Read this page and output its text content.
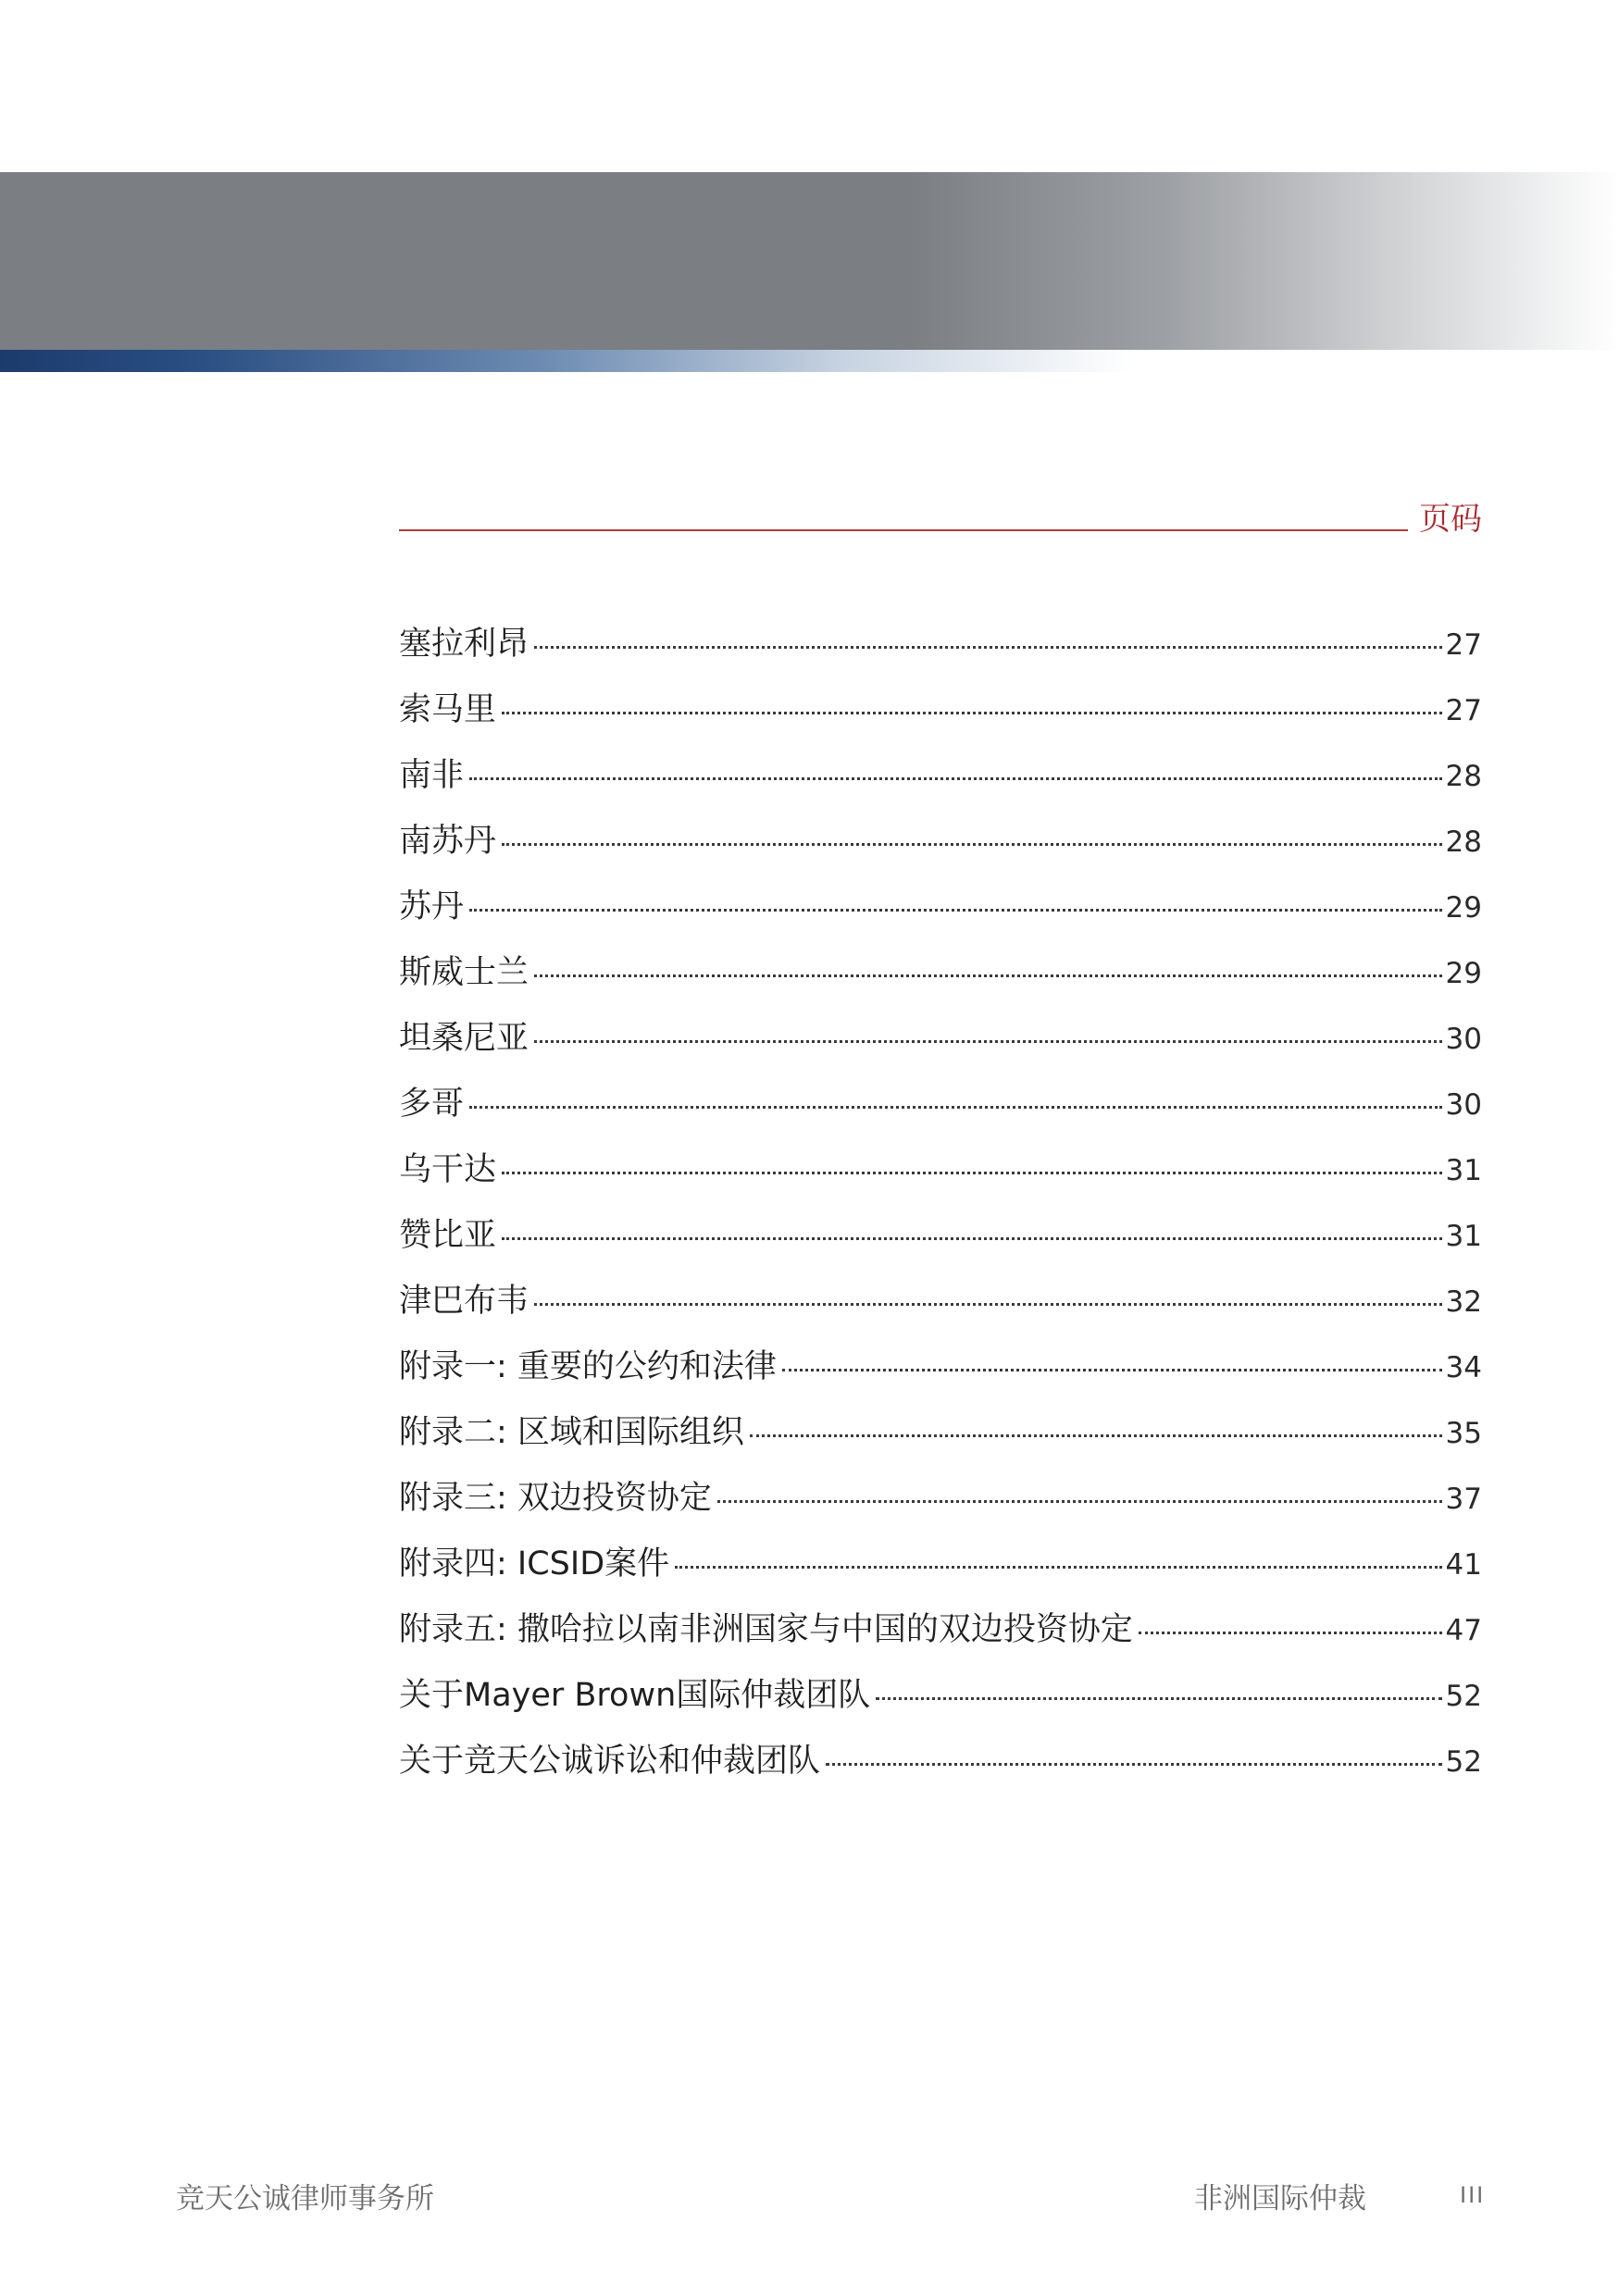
页码
塞拉利昂	27
索马里	27
南非	28
南苏丹	28
苏丹	29
斯威士兰	29
坦桑尼亚	30
多哥	30
乌干达	31
赞比亚	31
津巴布韦	32
附录一: 重要的公约和法律	34
附录二: 区域和国际组织	35
附录三: 双边投资协定	37
附录四: ICSID案件	41
附录五: 撒哈拉以南非洲国家与中国的双边投资协定	47
关于Mayer Brown国际仲裁团队	52
关于竞天公诚诉讼和仲裁团队	52
竞天公诚律师事务所	非洲国际仲裁	III
